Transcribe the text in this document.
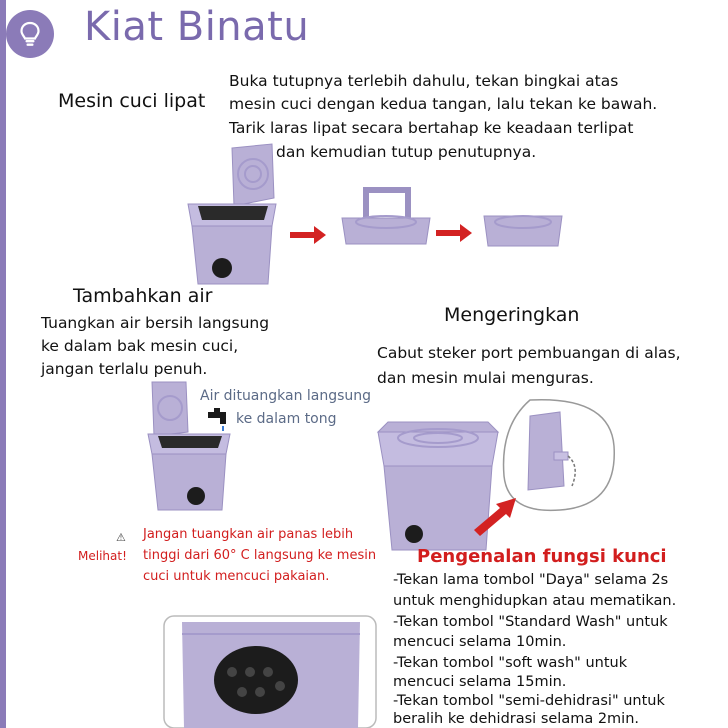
Kiat Binatu
Mesin cuci lipat
Buka tutupnya terlebih dahulu, tekan bingkai atas
mesin cuci dengan kedua tangan, lalu tekan ke bawah.
Tarik laras lipat secara bertahap ke keadaan terlipat
dan kemudian tutup penutupnya.
Tambahkan air
Tuangkan air bersih langsung
ke dalam bak mesin cuci,
jangan terlalu penuh.
Air dituangkan langsung
ke dalam tong
Mengeringkan
Cabut steker port pembuangan di alas,
dan mesin mulai menguras.
⚠
Melihat!
Jangan tuangkan air panas lebih
tinggi dari 60° C langsung ke mesin
cuci untuk mencuci pakaian.
Pengenalan fungsi kunci
-Tekan lama tombol "Daya" selama 2s
untuk menghidupkan atau mematikan.
-Tekan tombol "Standard Wash" untuk
mencuci selama 10min.
-Tekan tombol "soft wash" untuk
mencuci selama 15min.
-Tekan tombol "semi-dehidrasi" untuk
beralih ke dehidrasi selama 2min.
